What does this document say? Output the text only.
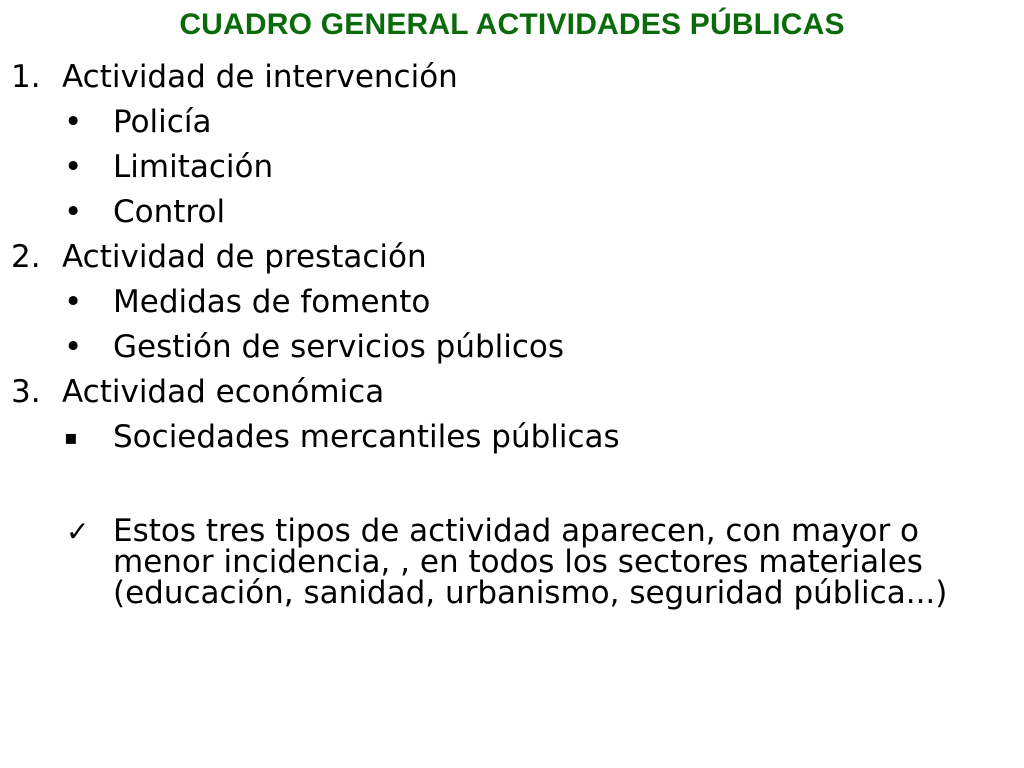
CUADRO GENERAL ACTIVIDADES PÚBLICAS
1. Actividad de intervención
• Policía
• Limitación
• Control
2. Actividad de prestación
• Medidas de fomento
• Gestión de servicios públicos
3. Actividad económica
▪ Sociedades mercantiles públicas
✓ Estos tres tipos de actividad aparecen, con mayor o menor incidencia, , en todos los sectores materiales (educación, sanidad, urbanismo, seguridad pública...)
